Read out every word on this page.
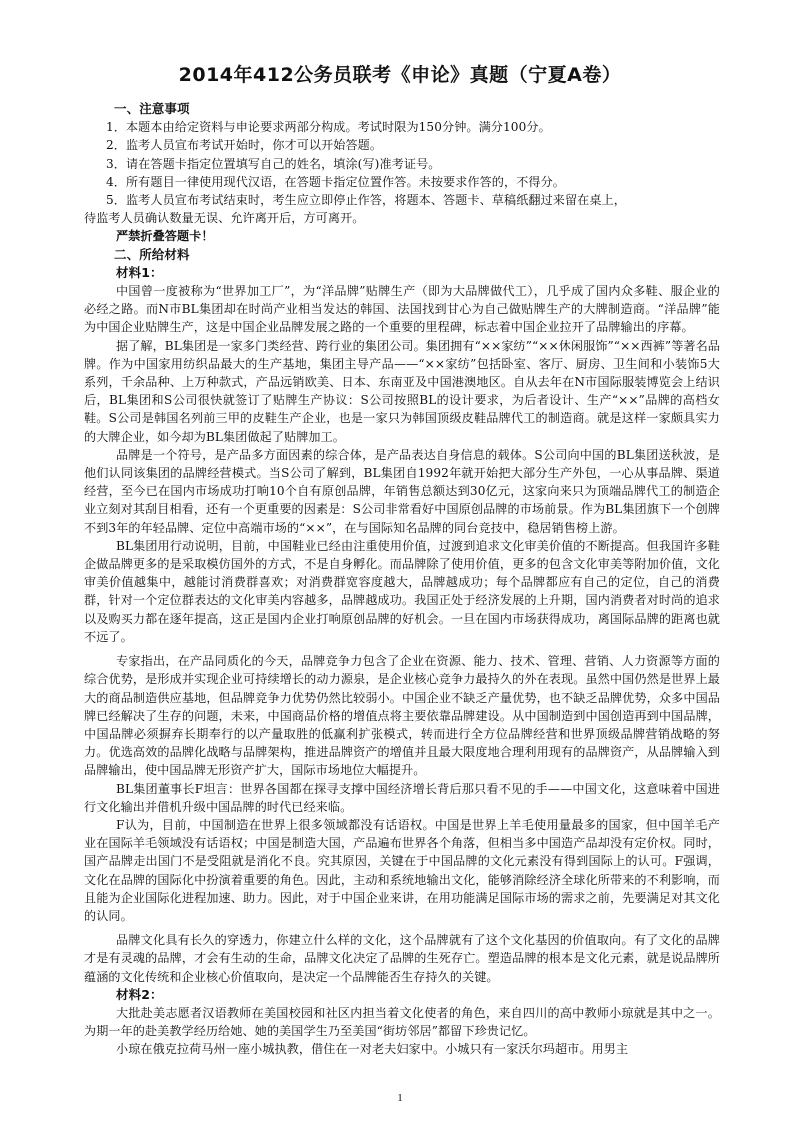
2014年412公务员联考《申论》真题（宁夏A卷）
一、注意事项

1．本题本由给定资料与申论要求两部分构成。考试时限为150分钟。满分100分。

2．监考人员宣布考试开始时，你才可以开始答题。

3．请在答题卡指定位置填写自己的姓名，填涂(写)准考证号。

4．所有题目一律使用现代汉语，在答题卡指定位置作答。未按要求作答的，不得分。

5．监考人员宣布考试结束时，考生应立即停止作答，将题本、答题卡、草稿纸翻过来留在桌上，

待监考人员确认数量无误、允许离开后，方可离开。

严禁折叠答题卡！

二、所给材料
材料1：

中国曾一度被称为“世界加工厂”，为“洋品牌”贴牌生产（即为大品牌做代工），几乎成了国内众多鞋、服企业的必经之路。而N市BL集团却在时尚产业相当发达的韩国、法国找到甘心为自己做贴牌生产的大牌制造商。“洋品牌”能为中国企业贴牌生产，这是中国企业品牌发展之路的一个重要的里程碑，标志着中国企业拉开了品牌输出的序幕。

据了解，BL集团是一家多门类经营、跨行业的集团公司。集团拥有“××家纺”“××休闲服饰”“××西裤”等著名品牌。作为中国家用纺织品最大的生产基地，集团主导产品——“××家纺”包括卧室、客厅、厨房、卫生间和小装饰5大系列，千余品种、上万种款式，产品远销欧美、日本、东南亚及中国港澳地区。自从去年在N市国际服装博览会上结识后，BL集团和S公司很快就签订了贴牌生产协议：S公司按照BL的设计要求，为后者设计、生产“××”品牌的高档女鞋。S公司是韩国名列前三甲的皮鞋生产企业，也是一家只为韩国顶级皮鞋品牌代工的制造商。就是这样一家颇具实力的大牌企业，如今却为BL集团做起了贴牌加工。

品牌是一个符号，是产品多方面因素的综合体，是产品表达自身信息的载体。S公司向中国的BL集团送秋波，是他们认同该集团的品牌经营模式。当S公司了解到，BL集团自1992年就开始把大部分生产外包，一心从事品牌、渠道经营，至今已在国内市场成功打响10个自有原创品牌，年销售总额达到30亿元，这家向来只为顶端品牌代工的制造企业立刻对其刮目相看，还有一个更重要的因素是：S公司非常看好中国原创品牌的市场前景。作为BL集团旗下一个创牌不到3年的年轻品牌、定位中高端市场的“××”，在与国际知名品牌的同台竞技中，稳居销售榜上游。

BL集团用行动说明，目前，中国鞋业已经由注重使用价值，过渡到追求文化审美价值的不断提高。但我国许多鞋企做品牌更多的是采取模仿国外的方式，不是自身孵化。而品牌除了使用价值，更多的包含文化审美等附加价值，文化审美价值越集中，越能讨消费群喜欢；对消费群宽容度越大，品牌越成功；每个品牌都应有自己的定位，自己的消费群，针对一个定位群表达的文化审美内容越多，品牌越成功。我国正处于经济发展的上升期，国内消费者对时尚的追求以及购买力都在逐年提高，这正是国内企业打响原创品牌的好机会。一旦在国内市场获得成功，离国际品牌的距离也就不远了。

专家指出，在产品同质化的今天，品牌竞争力包含了企业在资源、能力、技术、管理、营销、人力资源等方面的综合优势，是形成并实现企业可持续增长的动力源泉，是企业核心竞争力最持久的外在表现。虽然中国仍然是世界上最大的商品制造供应基地，但品牌竞争力优势仍然比较弱小。中国企业不缺乏产量优势，也不缺乏品牌优势，众多中国品牌已经解决了生存的问题，未来，中国商品价格的增值点将主要依靠品牌建设。从中国制造到中国创造再到中国品牌，中国品牌必须摒弃长期奉行的以产量取胜的低赢利扩张模式，转而进行全方位品牌经营和世界顶级品牌营销战略的努力。优选高效的品牌化战略与品牌架构，推进品牌资产的增值并且最大限度地合理利用现有的品牌资产，从品牌输入到品牌输出，使中国品牌无形资产扩大，国际市场地位大幅提升。

BL集团董事长F坦言：世界各国都在探寻支撑中国经济增长背后那只看不见的手——中国文化，这意味着中国进行文化输出并借机升级中国品牌的时代已经来临。

F认为，目前，中国制造在世界上很多领域都没有话语权。中国是世界上羊毛使用量最多的国家，但中国羊毛产业在国际羊毛领域没有话语权；中国是制造大国，产品遍布世界各个角落，但相当多中国造产品却没有定价权。同时，国产品牌走出国门不是受阻就是消化不良。究其原因，关键在于中国品牌的文化元素没有得到国际上的认可。F强调，文化在品牌的国际化中扮演着重要的角色。因此，主动和系统地输出文化，能够消除经济全球化所带来的不利影响，而且能为企业国际化进程加速、助力。因此，对于中国企业来讲，在用功能满足国际市场的需求之前，先要满足对其文化的认同。

品牌文化具有长久的穿透力，你建立什么样的文化，这个品牌就有了这个文化基因的价值取向。有了文化的品牌才是有灵魂的品牌，才会有生动的生命，品牌文化决定了品牌的生死存亡。塑造品牌的根本是文化元素，就是说品牌所蕴涵的文化传统和企业核心价值取向，是决定一个品牌能否生存持久的关键。

材料2：

大批赴美志愿者汉语教师在美国校园和社区内担当着文化使者的角色，来自四川的高中教师小琼就是其中之一。为期一年的赴美教学经历给她、她的美国学生乃至美国“街坊邻居”都留下珍贵记忆。

小琼在俄克拉荷马州一座小城执教，借住在一对老夫妇家中。小城只有一家沃尔玛超市。用男主

1
